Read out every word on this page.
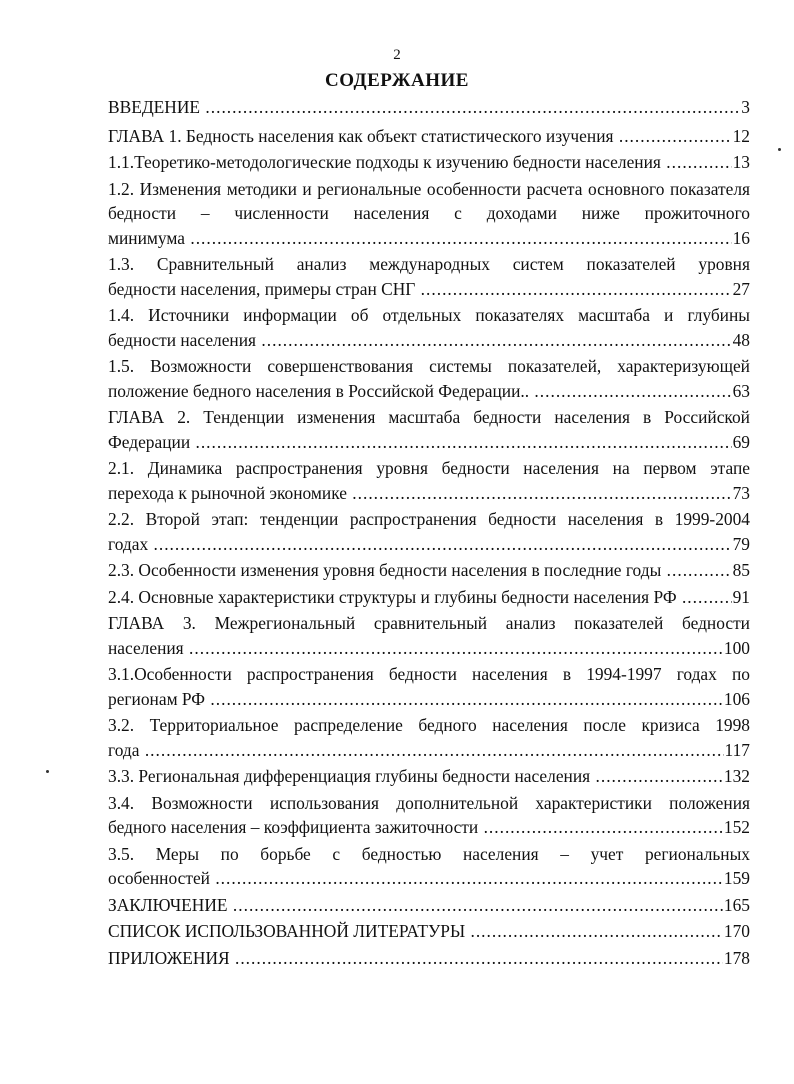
2
СОДЕРЖАНИЕ
ВВЕДЕНИЕ .....	3
ГЛАВА 1. Бедность населения как объект статистического изучения .....	12
1.1.Теоретико-методологические подходы к изучению бедности населения .....	13
1.2. Изменения методики и региональные особенности расчета основного показателя бедности – численности населения с доходами ниже прожиточного
минимума .....	16
1.3. Сравнительный анализ международных систем показателей уровня
бедности населения, примеры стран СНГ .....	27
1.4. Источники информации об отдельных показателях масштаба и глубины
бедности населения .....	48
1.5. Возможности совершенствования системы показателей, характеризующей
положение бедного населения в Российской Федерации.. .....	63
ГЛАВА 2. Тенденции изменения масштаба бедности населения в Российской
Федерации .....	69
2.1. Динамика распространения уровня бедности населения на первом этапе
перехода к рыночной экономике .....	73
2.2. Второй этап: тенденции распространения бедности населения в 1999-2004
годах .....	79
2.3. Особенности изменения уровня бедности населения в последние годы .....	85
2.4. Основные характеристики структуры и глубины бедности населения РФ .....	91
ГЛАВА 3. Межрегиональный сравнительный анализ показателей бедности
населения .....	100
3.1.Особенности распространения бедности населения в 1994-1997 годах по
регионам РФ .....	106
3.2. Территориальное распределение бедного населения после кризиса 1998
года .....	117
3.3. Региональная дифференциация глубины бедности населения .....	132
3.4. Возможности использования дополнительной характеристики положения
бедного населения – коэффициента зажиточности .....	152
3.5. Меры по борьбе с бедностью населения – учет региональных
особенностей .....	159
ЗАКЛЮЧЕНИЕ .....	165
СПИСОК ИСПОЛЬЗОВАННОЙ ЛИТЕРАТУРЫ .....	170
ПРИЛОЖЕНИЯ .....	178
